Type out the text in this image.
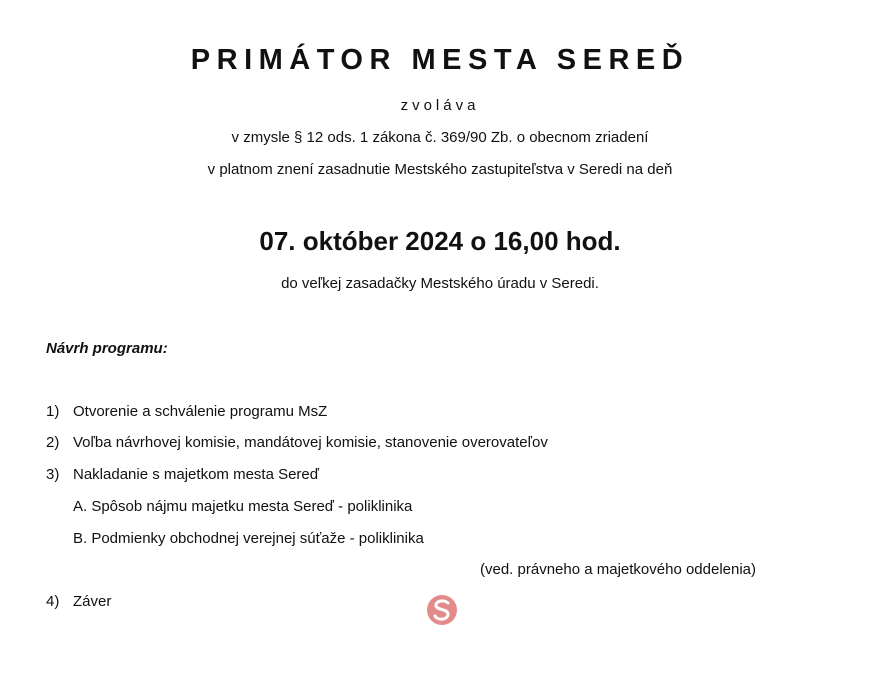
PRIMÁTOR MESTA SEREĎ
zvoláva
v zmysle § 12 ods. 1 zákona č. 369/90 Zb. o obecnom zriadení
v platnom znení zasadnutie Mestského zastupiteľstva v Seredi na deň
07. október 2024 o 16,00 hod.
do veľkej zasadačky Mestského úradu v Seredi.
Návrh programu:
1) Otvorenie a schválenie programu MsZ
2) Voľba návrhovej komisie, mandátovej komisie, stanovenie overovateľov
3) Nakladanie s majetkom mesta Sereď
A. Spôsob nájmu majetku mesta Sereď - poliklinika
B. Podmienky obchodnej verejnej súťaže - poliklinika
(ved. právneho a majetkového oddelenia)
4) Záver
